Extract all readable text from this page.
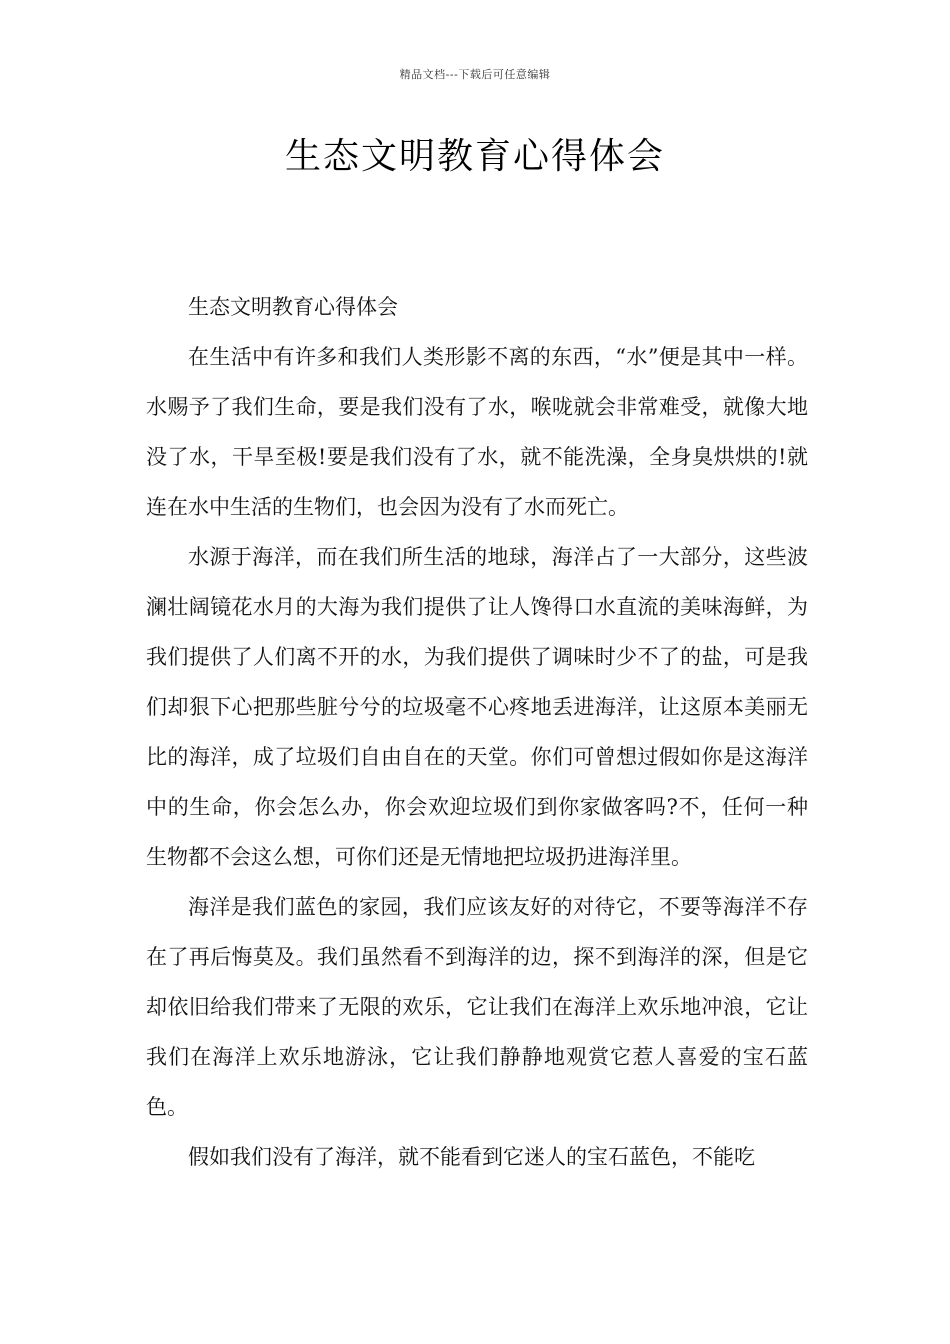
精品文档---下载后可任意编辑
生态文明教育心得体会

生态文明教育心得体会

在生活中有许多和我们人类形影不离的东西，“水”便是其中一样。水赐予了我们生命，要是我们没有了水，喉咙就会非常难受，就像大地没了水，干旱至极!要是我们没有了水，就不能洗澡，全身臭烘烘的!就连在水中生活的生物们，也会因为没有了水而死亡。

水源于海洋，而在我们所生活的地球，海洋占了一大部分，这些波澜壮阔镜花水月的大海为我们提供了让人馋得口水直流的美味海鲜，为我们提供了人们离不开的水，为我们提供了调味时少不了的盐，可是我们却狠下心把那些脏兮兮的垃圾毫不心疼地丢进海洋，让这原本美丽无比的海洋，成了垃圾们自由自在的天堂。你们可曾想过假如你是这海洋中的生命，你会怎么办，你会欢迎垃圾们到你家做客吗?不，任何一种生物都不会这么想，可你们还是无情地把垃圾扔进海洋里。

海洋是我们蓝色的家园，我们应该友好的对待它，不要等海洋不存在了再后悔莫及。我们虽然看不到海洋的边，探不到海洋的深，但是它却依旧给我们带来了无限的欢乐，它让我们在海洋上欢乐地冲浪，它让我们在海洋上欢乐地游泳，它让我们静静地观赏它惹人喜爱的宝石蓝色。

假如我们没有了海洋，就不能看到它迷人的宝石蓝色，不能吃
